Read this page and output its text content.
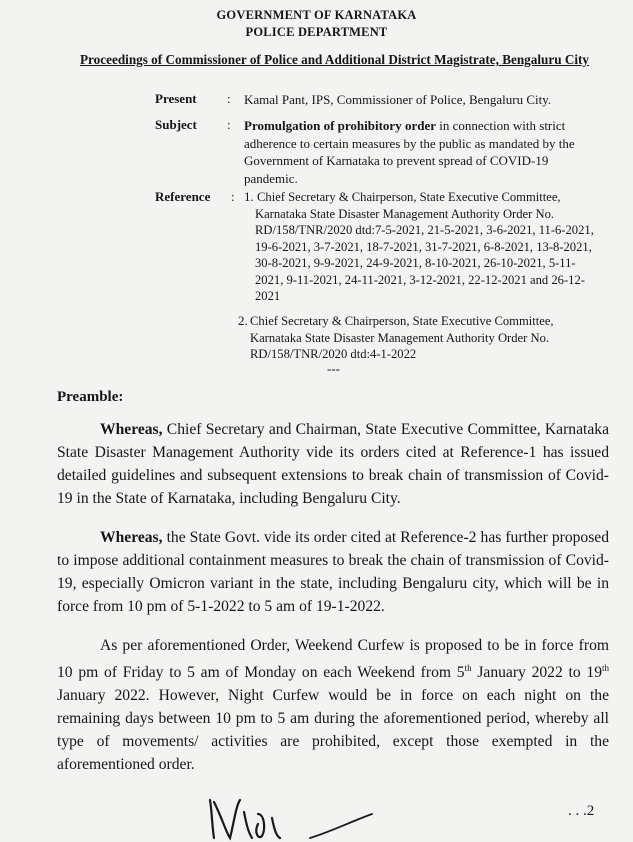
GOVERNMENT OF KARNATAKA
POLICE DEPARTMENT
Proceedings of Commissioner of Police and Additional District Magistrate, Bengaluru City
Present : Kamal Pant, IPS, Commissioner of Police, Bengaluru City.
Subject : Promulgation of prohibitory order in connection with strict adherence to certain measures by the public as mandated by the Government of Karnataka to prevent spread of COVID-19 pandemic.
Reference : 1. Chief Secretary & Chairperson, State Executive Committee,
Karnataka State Disaster Management Authority Order No. RD/158/TNR/2020 dtd:7-5-2021, 21-5-2021, 3-6-2021, 11-6-2021, 19-6-2021, 3-7-2021, 18-7-2021, 31-7-2021, 6-8-2021, 13-8-2021, 30-8-2021, 9-9-2021, 24-9-2021, 8-10-2021, 26-10-2021, 5-11-2021, 9-11-2021, 24-11-2021, 3-12-2021, 22-12-2021 and 26-12-2021
2. Chief Secretary & Chairperson, State Executive Committee,
Karnataka State Disaster Management Authority Order No. RD/158/TNR/2020 dtd:4-1-2022
---
Preamble:
Whereas, Chief Secretary and Chairman, State Executive Committee, Karnataka State Disaster Management Authority vide its orders cited at Reference-1 has issued detailed guidelines and subsequent extensions to break chain of transmission of Covid-19 in the State of Karnataka, including Bengaluru City.
Whereas, the State Govt. vide its order cited at Reference-2 has further proposed to impose additional containment measures to break the chain of transmission of Covid-19, especially Omicron variant in the state, including Bengaluru city, which will be in force from 10 pm of 5-1-2022 to 5 am of 19-1-2022.
As per aforementioned Order, Weekend Curfew is proposed to be in force from 10 pm of Friday to 5 am of Monday on each Weekend from 5th January 2022 to 19th January 2022. However, Night Curfew would be in force on each night on the remaining days between 10 pm to 5 am during the aforementioned period, whereby all type of movements/ activities are prohibited, except those exempted in the aforementioned order.
. . .2
